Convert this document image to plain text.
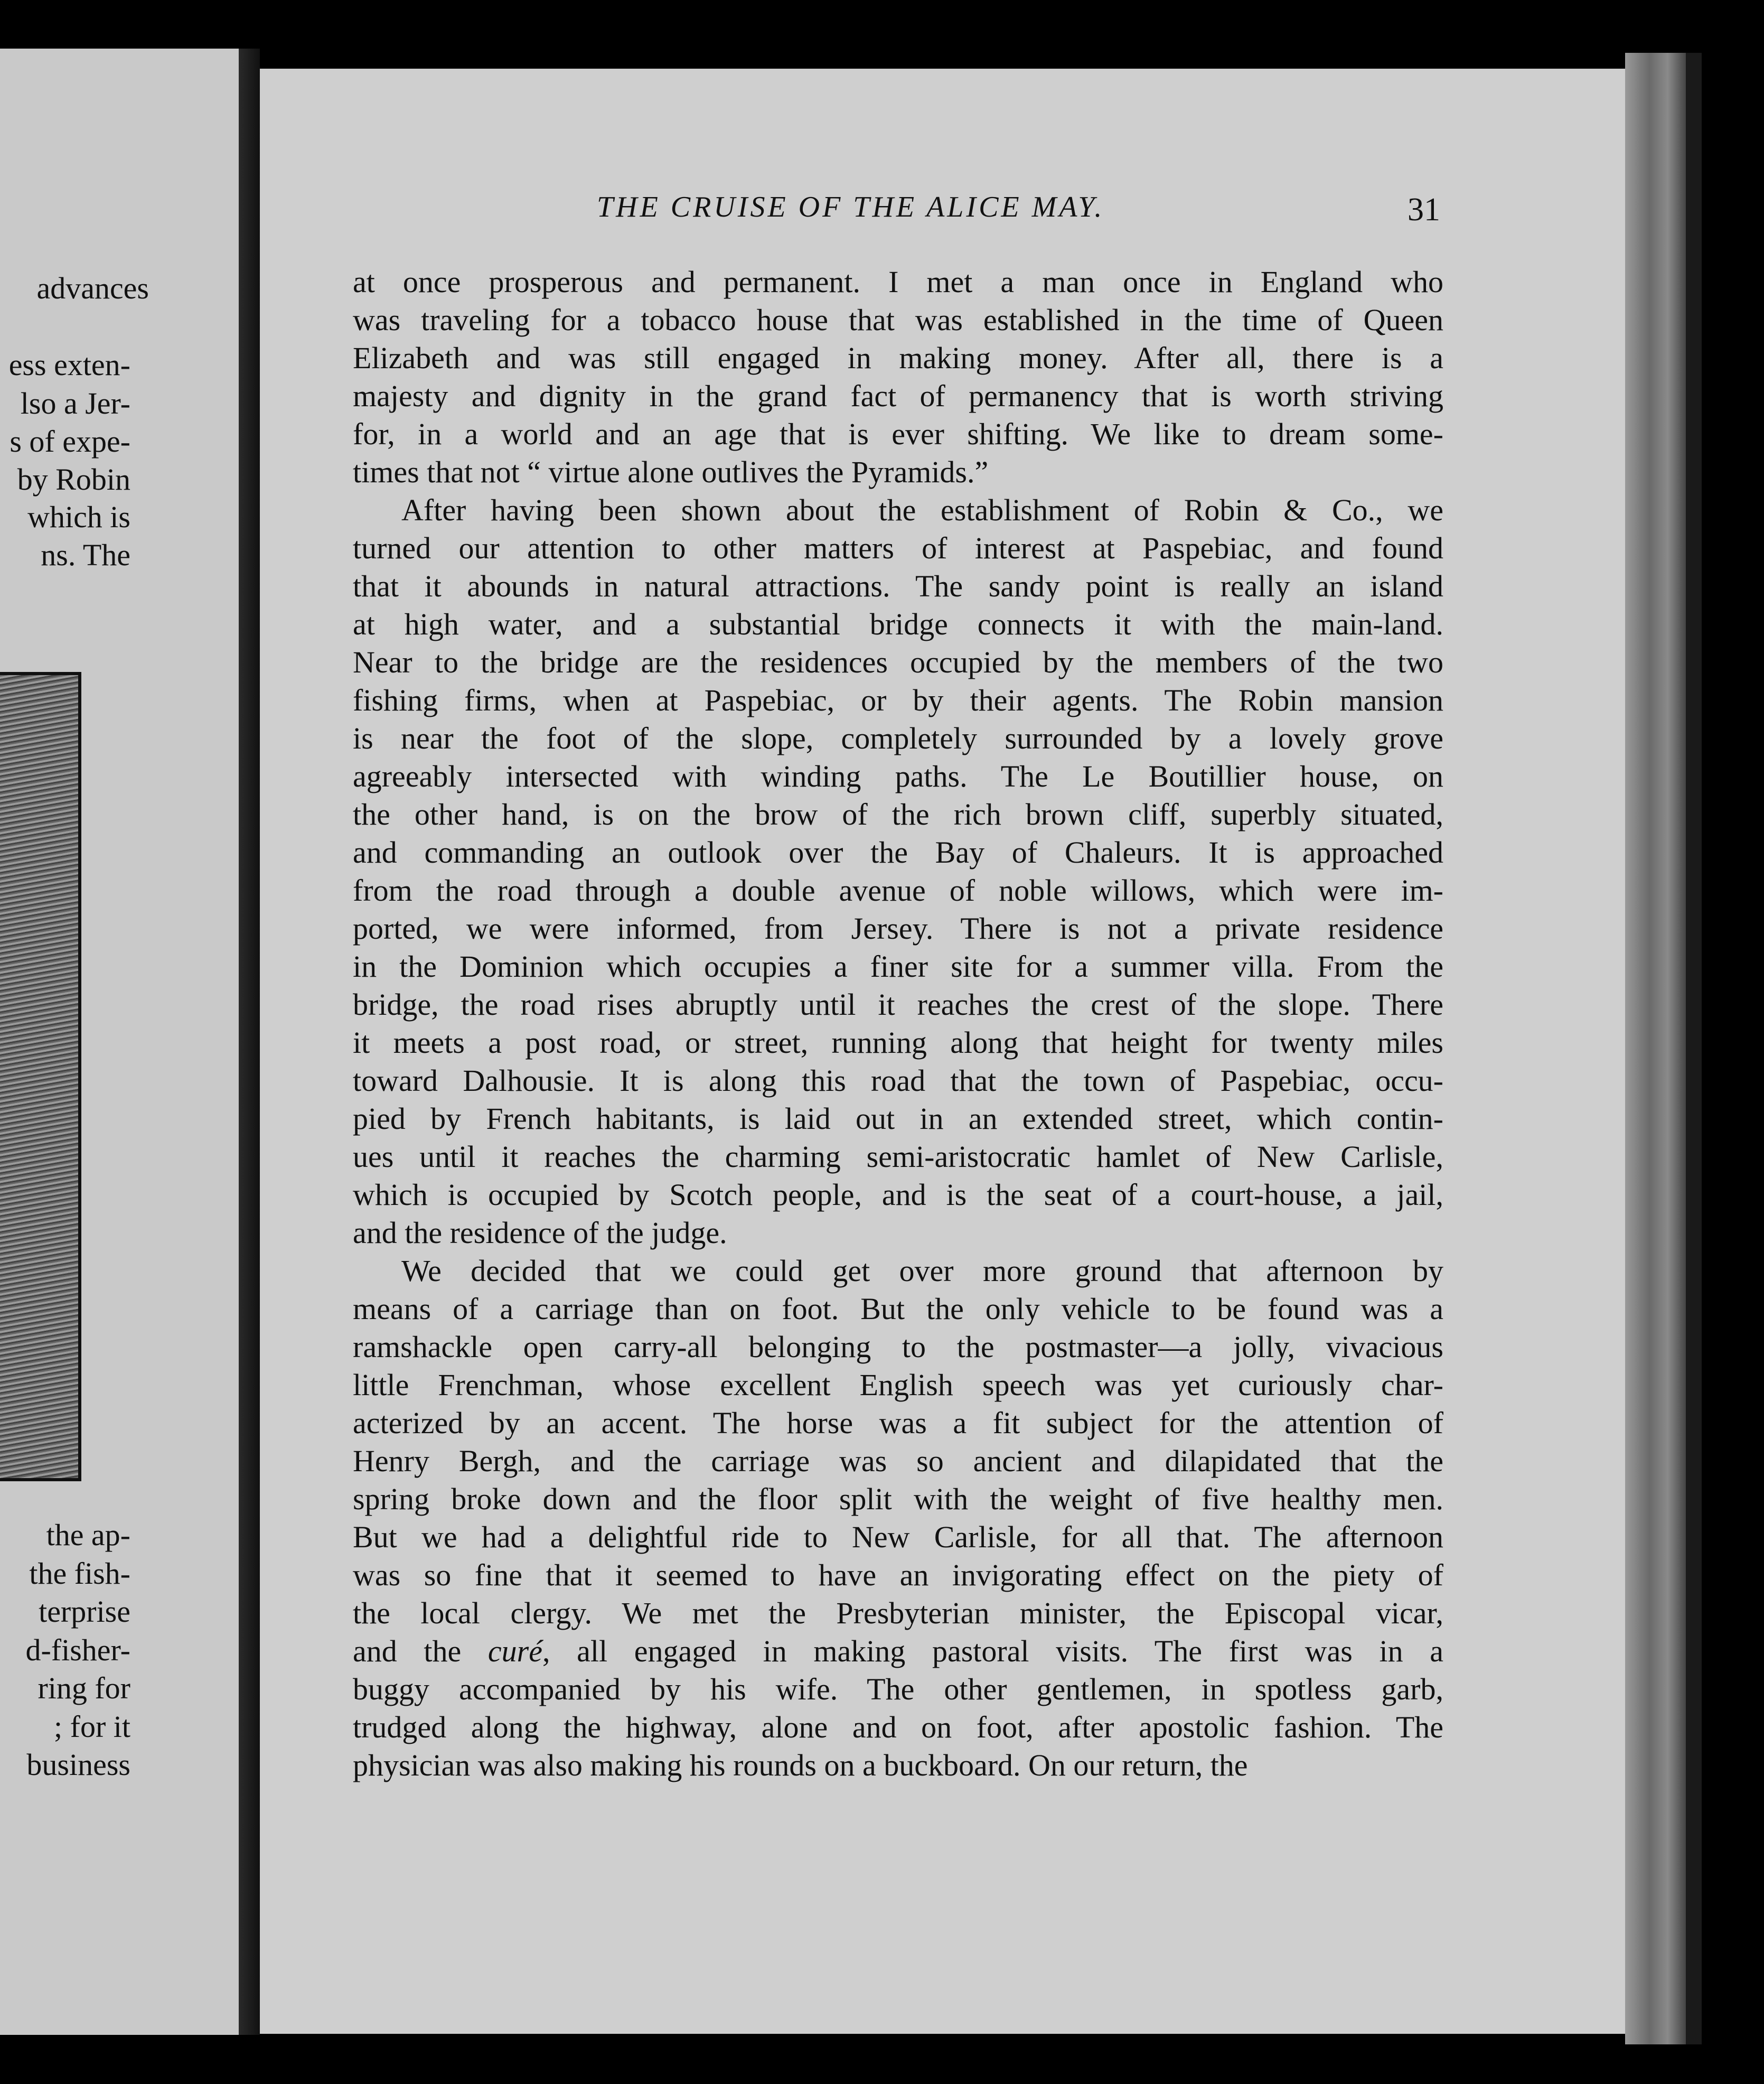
advances
ess exten-
lso a Jer-
s of expe-
by Robin
which is
ns. The
the ap-
the fish-
terprise
d-fisher-
ring for
; for it
business
THE CRUISE OF THE ALICE MAY.	31
at once prosperous and permanent. I met a man once in England who
was traveling for a tobacco house that was established in the time of Queen
Elizabeth and was still engaged in making money. After all, there is a
majesty and dignity in the grand fact of permanency that is worth striving
for, in a world and an age that is ever shifting. We like to dream some-
times that not “ virtue alone outlives the Pyramids.”
After having been shown about the establishment of Robin & Co., we
turned our attention to other matters of interest at Paspebiac, and found
that it abounds in natural attractions. The sandy point is really an island
at high water, and a substantial bridge connects it with the main-land.
Near to the bridge are the residences occupied by the members of the two
fishing firms, when at Paspebiac, or by their agents. The Robin mansion
is near the foot of the slope, completely surrounded by a lovely grove
agreeably intersected with winding paths. The Le Boutillier house, on
the other hand, is on the brow of the rich brown cliff, superbly situated,
and commanding an outlook over the Bay of Chaleurs. It is approached
from the road through a double avenue of noble willows, which were im-
ported, we were informed, from Jersey. There is not a private residence
in the Dominion which occupies a finer site for a summer villa. From the
bridge, the road rises abruptly until it reaches the crest of the slope. There
it meets a post road, or street, running along that height for twenty miles
toward Dalhousie. It is along this road that the town of Paspebiac, occu-
pied by French habitants, is laid out in an extended street, which contin-
ues until it reaches the charming semi-aristocratic hamlet of New Carlisle,
which is occupied by Scotch people, and is the seat of a court-house, a jail,
and the residence of the judge.
We decided that we could get over more ground that afternoon by
means of a carriage than on foot. But the only vehicle to be found was a
ramshackle open carry-all belonging to the postmaster—a jolly, vivacious
little Frenchman, whose excellent English speech was yet curiously char-
acterized by an accent. The horse was a fit subject for the attention of
Henry Bergh, and the carriage was so ancient and dilapidated that the
spring broke down and the floor split with the weight of five healthy men.
But we had a delightful ride to New Carlisle, for all that. The afternoon
was so fine that it seemed to have an invigorating effect on the piety of
the local clergy. We met the Presbyterian minister, the Episcopal vicar,
and the curé, all engaged in making pastoral visits. The first was in a
buggy accompanied by his wife. The other gentlemen, in spotless garb,
trudged along the highway, alone and on foot, after apostolic fashion. The
physician was also making his rounds on a buckboard. On our return, the
